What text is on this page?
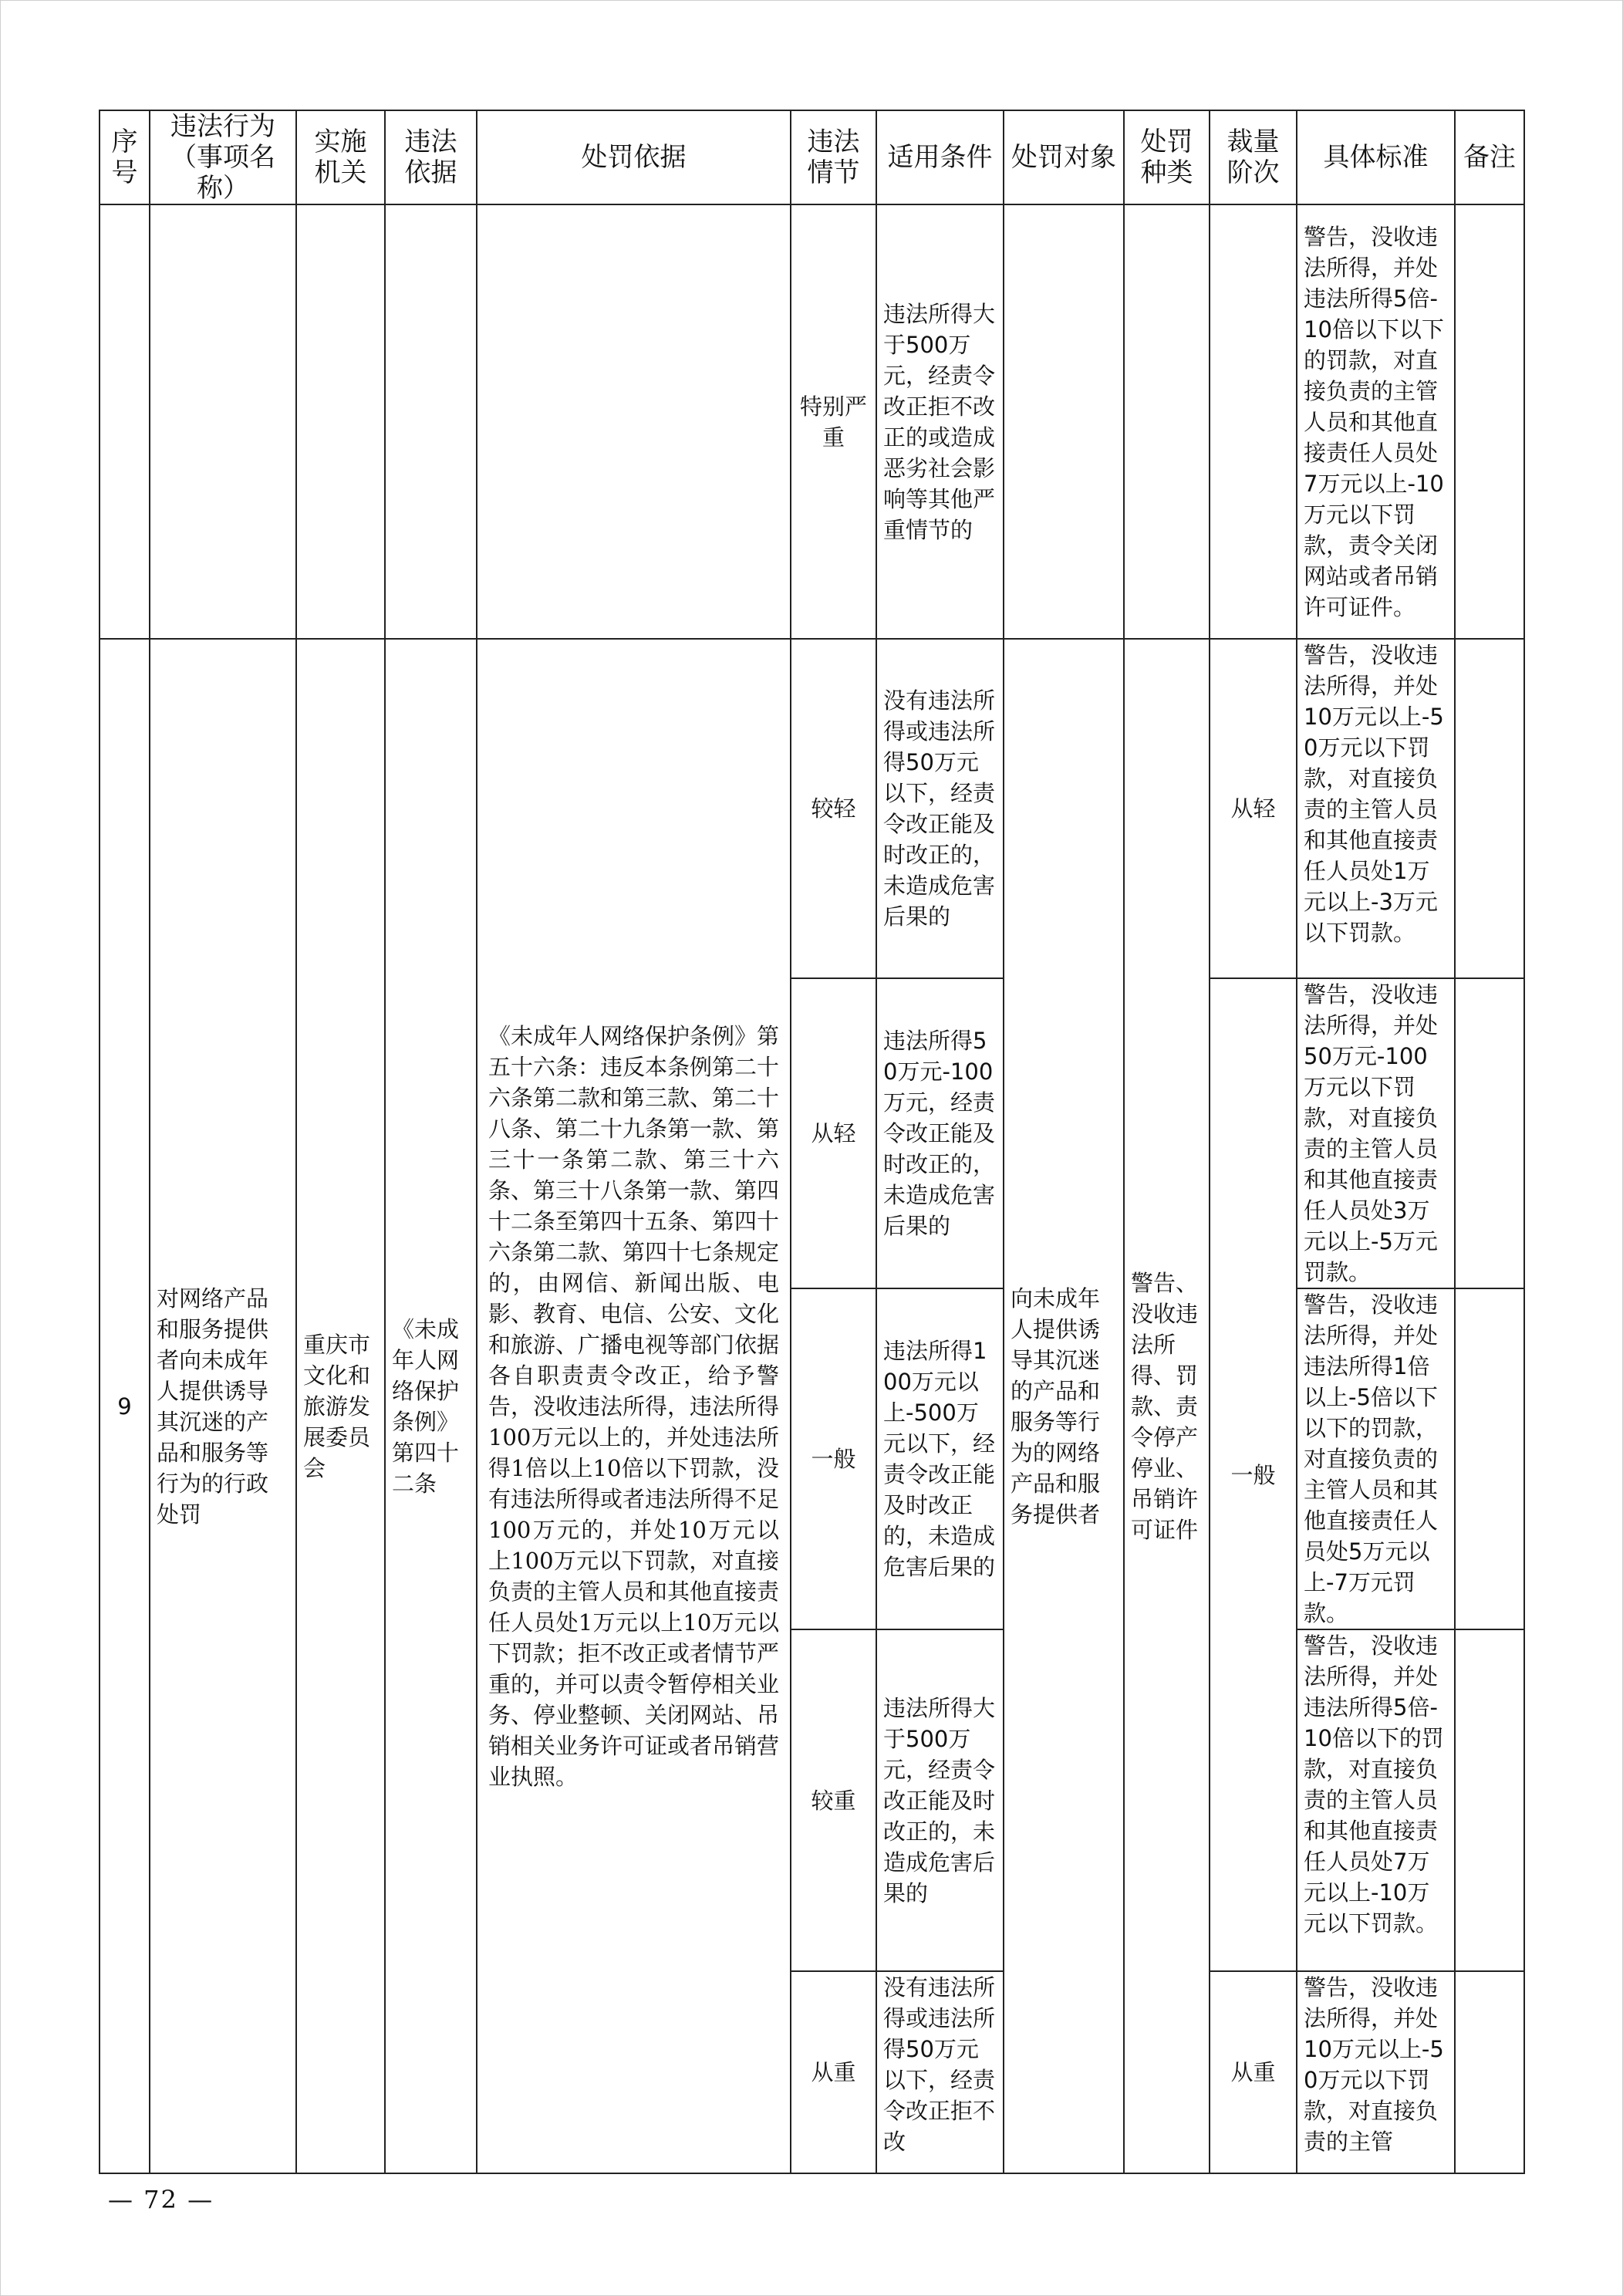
序号	违法行为（事项名称）	实施机关	违法依据	处罚依据	违法情节	适用条件	处罚对象	处罚种类	裁量阶次	具体标准	备注
					特别严重	违法所得大于500万元，经责令改正拒不改正的或造成恶劣社会影响等其他严重情节的				警告，没收违法所得，并处违法所得5倍-10倍以下以下的罚款，对直接负责的主管人员和其他直接责任人员处7万元以上-10万元以下罚款，责令关闭网站或者吊销许可证件。	
9	对网络产品和服务提供者向未成年人提供诱导其沉迷的产品和服务等行为的行政处罚	重庆市文化和旅游发展委员会	《未成年人网络保护条例》第四十二条	《未成年人网络保护条例》第五十六条：违反本条例第二十六条第二款和第三款、第二十八条、第二十九条第一款、第三十一条第二款、第三十六条、第三十八条第一款、第四十二条至第四十五条、第四十六条第二款、第四十七条规定的，由网信、新闻出版、电影、教育、电信、公安、文化和旅游、广播电视等部门依据各自职责责令改正，给予警告，没收违法所得，违法所得100万元以上的，并处违法所得1倍以上10倍以下罚款，没有违法所得或者违法所得不足100万元的，并处10万元以上100万元以下罚款，对直接负责的主管人员和其他直接责任人员处1万元以上10万元以下罚款；拒不改正或者情节严重的，并可以责令暂停相关业务、停业整顿、关闭网站、吊销相关业务许可证或者吊销营业执照。	较轻	没有违法所得或违法所得50万元以下，经责令改正能及时改正的，未造成危害后果的	向未成年人提供诱导其沉迷的产品和服务等行为的网络产品和服务提供者	警告、没收违法所得、罚款、责令停产停业、吊销许可证件	从轻	警告，没收违法所得，并处10万元以上-50万元以下罚款，对直接负责的主管人员和其他直接责任人员处1万元以上-3万元以下罚款。	
					从轻	违法所得50万元-100万元，经责令改正能及时改正的，未造成危害后果的			一般	警告，没收违法所得，并处50万元-100万元以下罚款，对直接负责的主管人员和其他直接责任人员处3万元以上-5万元罚款。	
					一般	违法所得100万元以上-500万元以下，经责令改正能及时改正的，未造成危害后果的				警告，没收违法所得，并处违法所得1倍以上-5倍以下以下的罚款，对直接负责的主管人员和其他直接责任人员处5万元以上-7万元罚款。	
					较重	违法所得大于500万元，经责令改正能及时改正的，未造成危害后果的				警告，没收违法所得，并处违法所得5倍-10倍以下的罚款，对直接负责的主管人员和其他直接责任人员处7万元以上-10万元以下罚款。	
					从重	没有违法所得或违法所得50万元以下，经责令改正拒不改			从重	警告，没收违法所得，并处10万元以上-50万元以下罚款，对直接负责的主管	
— 72 —
